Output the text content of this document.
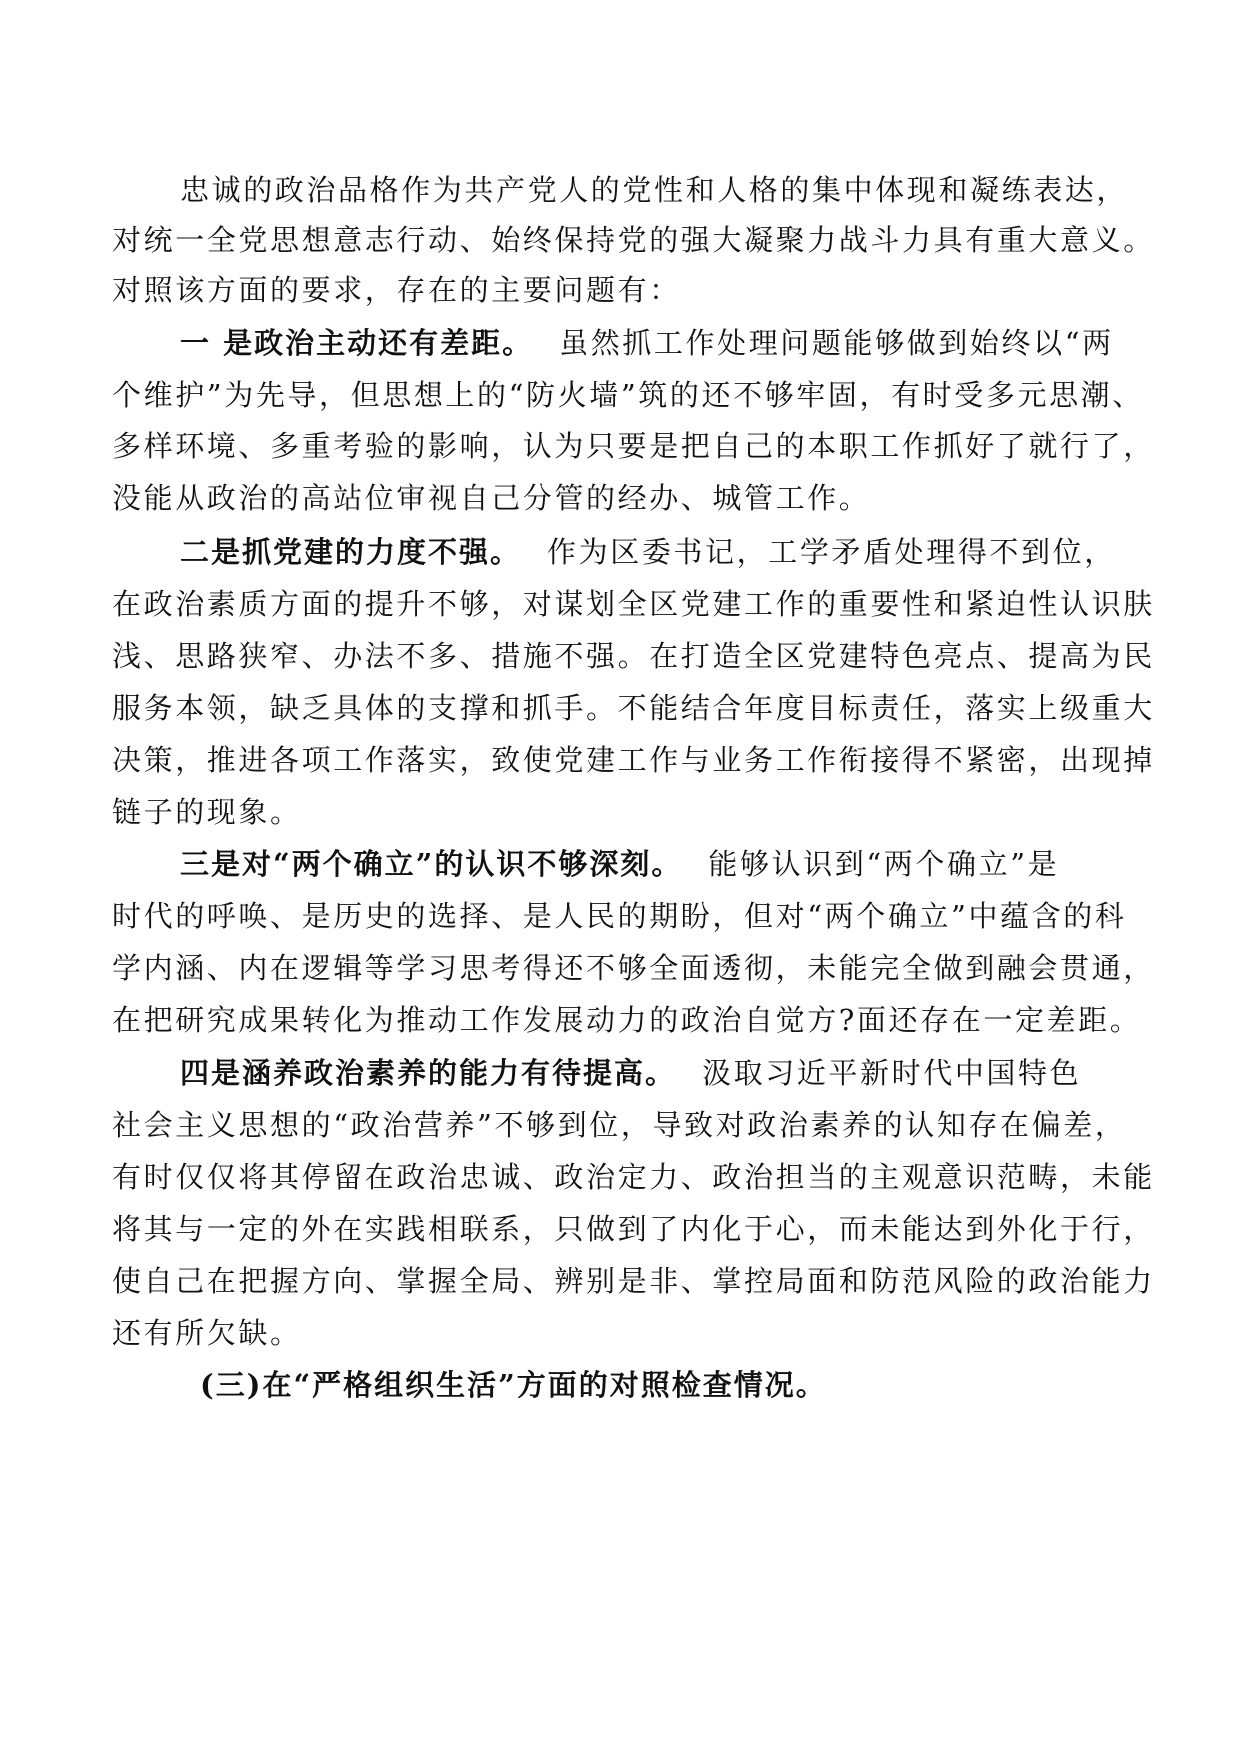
忠诚的政治品格作为共产党人的党性和人格的集中体现和凝练表达，
对统一全党思想意志行动、始终保持党的强大凝聚力战斗力具有重大意义。
对照该方面的要求，存在的主要问题有：
一 是政治主动还有差距。 虽然抓工作处理问题能够做到始终以“两
个维护”为先导，但思想上的“防火墙”筑的还不够牢固，有时受多元思潮、
多样环境、多重考验的影响，认为只要是把自己的本职工作抓好了就行了，
没能从政治的高站位审视自己分管的经办、城管工作。
二是抓党建的力度不强。 作为区委书记，工学矛盾处理得不到位，
在政治素质方面的提升不够，对谋划全区党建工作的重要性和紧迫性认识肤
浅、思路狭窄、办法不多、措施不强。在打造全区党建特色亮点、提高为民
服务本领，缺乏具体的支撑和抓手。不能结合年度目标责任，落实上级重大
决策，推进各项工作落实，致使党建工作与业务工作衔接得不紧密，出现掉
链子的现象。
三是对“两个确立”的认识不够深刻。 能够认识到“两个确立”是
时代的呼唤、是历史的选择、是人民的期盼，但对“两个确立”中蕴含的科
学内涵、内在逻辑等学习思考得还不够全面透彻，未能完全做到融会贯通，
在把研究成果转化为推动工作发展动力的政治自觉方?面还存在一定差距。
四是涵养政治素养的能力有待提高。 汲取习近平新时代中国特色
社会主义思想的“政治营养”不够到位，导致对政治素养的认知存在偏差，
有时仅仅将其停留在政治忠诚、政治定力、政治担当的主观意识范畴，未能
将其与一定的外在实践相联系，只做到了内化于心，而未能达到外化于行，
使自己在把握方向、掌握全局、辨别是非、掌控局面和防范风险的政治能力
还有所欠缺。
(三)在“严格组织生活”方面的对照检查情况。
